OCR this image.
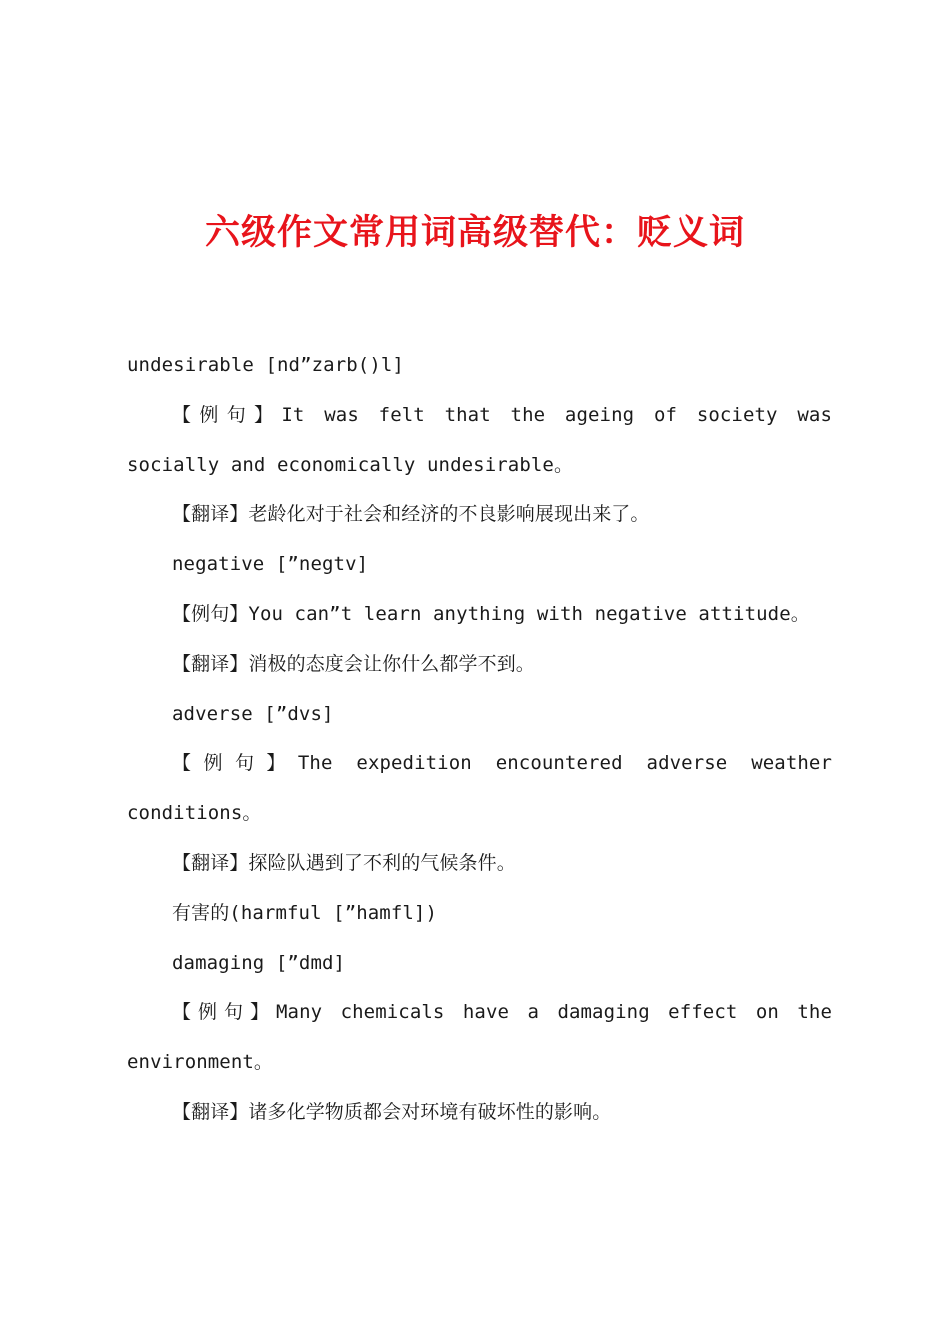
六级作文常用词高级替代：贬义词

undesirable [nd”zarb()l]

【例句】It was felt that the ageing of society was socially and economically undesirable。

【翻译】老龄化对于社会和经济的不良影响展现出来了。

negative [”negtv]

【例句】You can”t learn anything with negative attitude。

【翻译】消极的态度会让你什么都学不到。

adverse [”dvs]

【例句】The expedition encountered adverse weather conditions。

【翻译】探险队遇到了不利的气候条件。

有害的(harmful [”hamfl])

damaging [”dmd]

【例句】Many chemicals have a damaging effect on the environment。

【翻译】诸多化学物质都会对环境有破坏性的影响。
